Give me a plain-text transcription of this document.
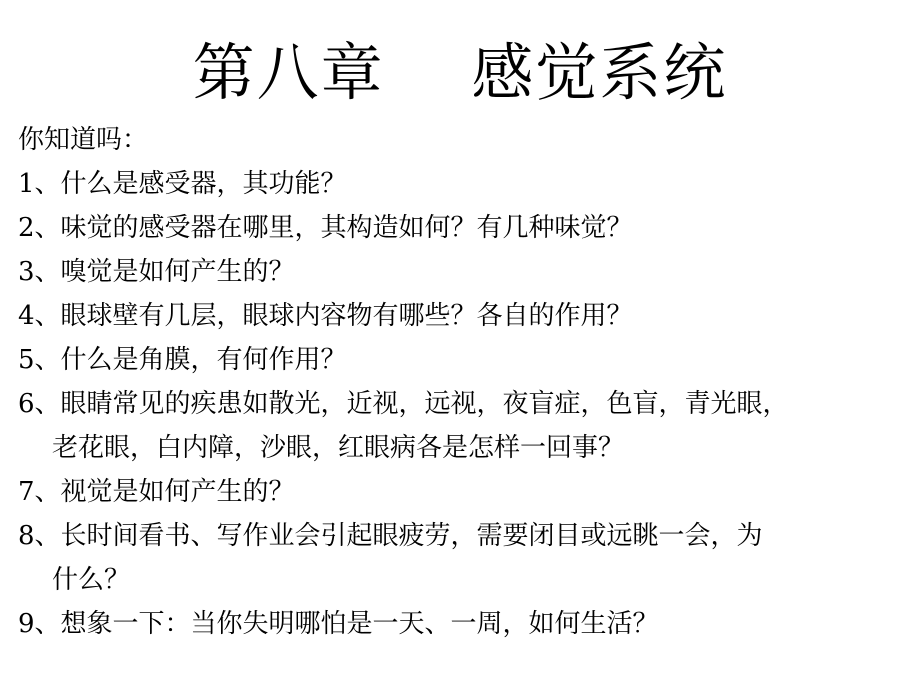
第八章    感觉系统
你知道吗：
1、什么是感受器，其功能？
2、味觉的感受器在哪里，其构造如何？有几种味觉？
3、嗅觉是如何产生的？
4、眼球壁有几层，眼球内容物有哪些？各自的作用？
5、什么是角膜，有何作用？
6、眼睛常见的疾患如散光，近视，远视，夜盲症，色盲，青光眼，
老花眼，白内障，沙眼，红眼病各是怎样一回事？
7、视觉是如何产生的？
8、长时间看书、写作业会引起眼疲劳，需要闭目或远眺一会，为
什么？
9、想象一下：当你失明哪怕是一天、一周，如何生活？
